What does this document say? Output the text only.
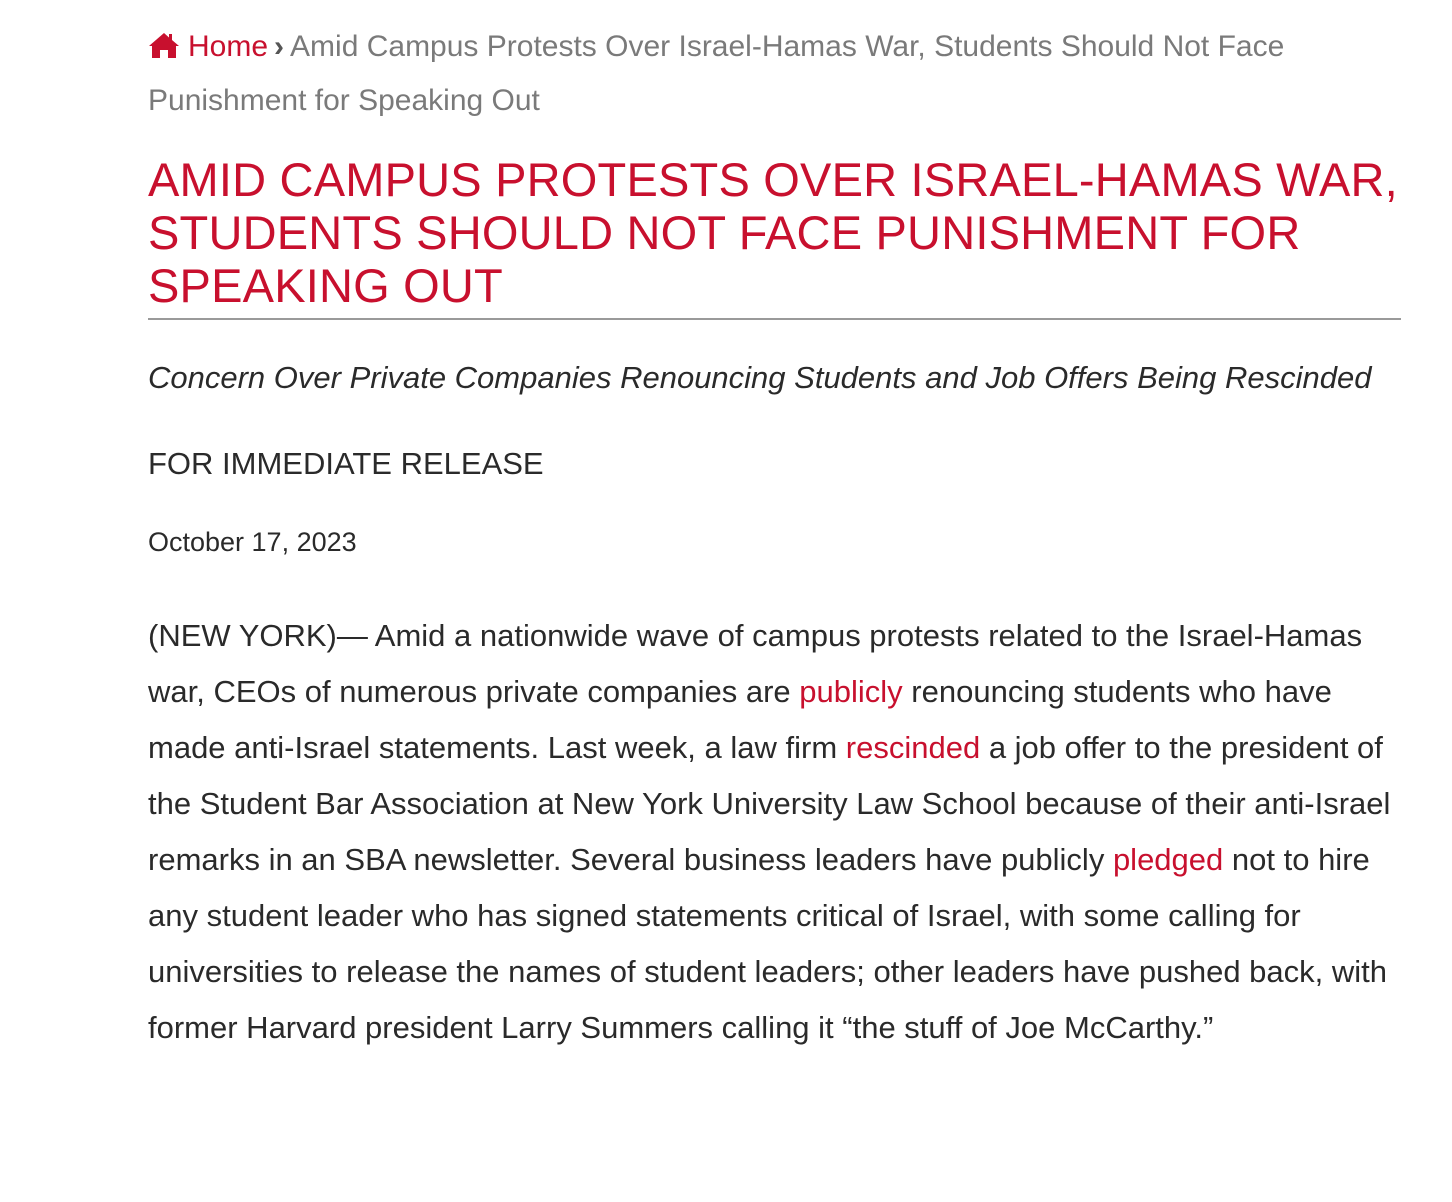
Home › Amid Campus Protests Over Israel-Hamas War, Students Should Not Face Punishment for Speaking Out
AMID CAMPUS PROTESTS OVER ISRAEL-HAMAS WAR, STUDENTS SHOULD NOT FACE PUNISHMENT FOR SPEAKING OUT
Concern Over Private Companies Renouncing Students and Job Offers Being Rescinded
FOR IMMEDIATE RELEASE
October 17, 2023

(NEW YORK)— Amid a nationwide wave of campus protests related to the Israel-Hamas war, CEOs of numerous private companies are publicly renouncing students who have made anti-Israel statements. Last week, a law firm rescinded a job offer to the president of the Student Bar Association at New York University Law School because of their anti-Israel remarks in an SBA newsletter. Several business leaders have publicly pledged not to hire any student leader who has signed statements critical of Israel, with some calling for universities to release the names of student leaders; other leaders have pushed back, with former Harvard president Larry Summers calling it “the stuff of Joe McCarthy.”
